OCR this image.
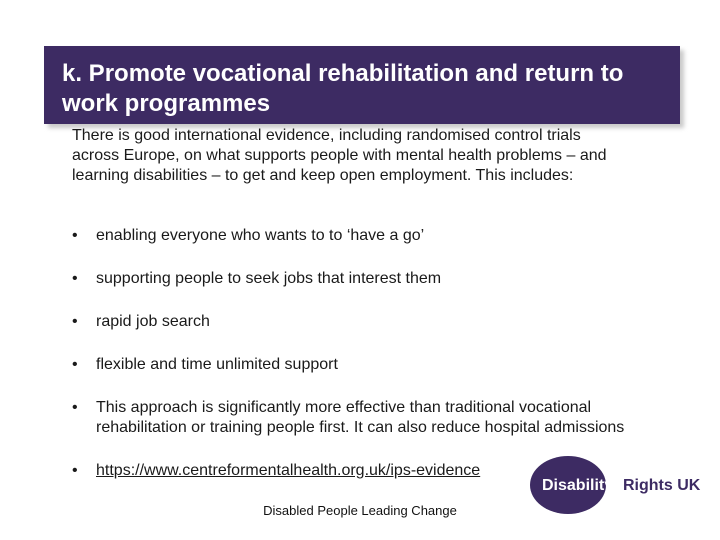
k. Promote vocational rehabilitation and return to work programmes
There is good international evidence, including randomised control trials across Europe, on what supports people with mental health problems – and learning disabilities – to get and keep open employment. This includes:
• enabling everyone who wants to to ‘have a go’
• supporting people to seek jobs that interest them
• rapid job search
• flexible and time unlimited support
• This approach is significantly more effective than traditional vocational rehabilitation or training people first. It can also reduce hospital admissions
• https://www.centreformentalhealth.org.uk/ips-evidence
Disability Rights UK
Disabled People Leading Change
